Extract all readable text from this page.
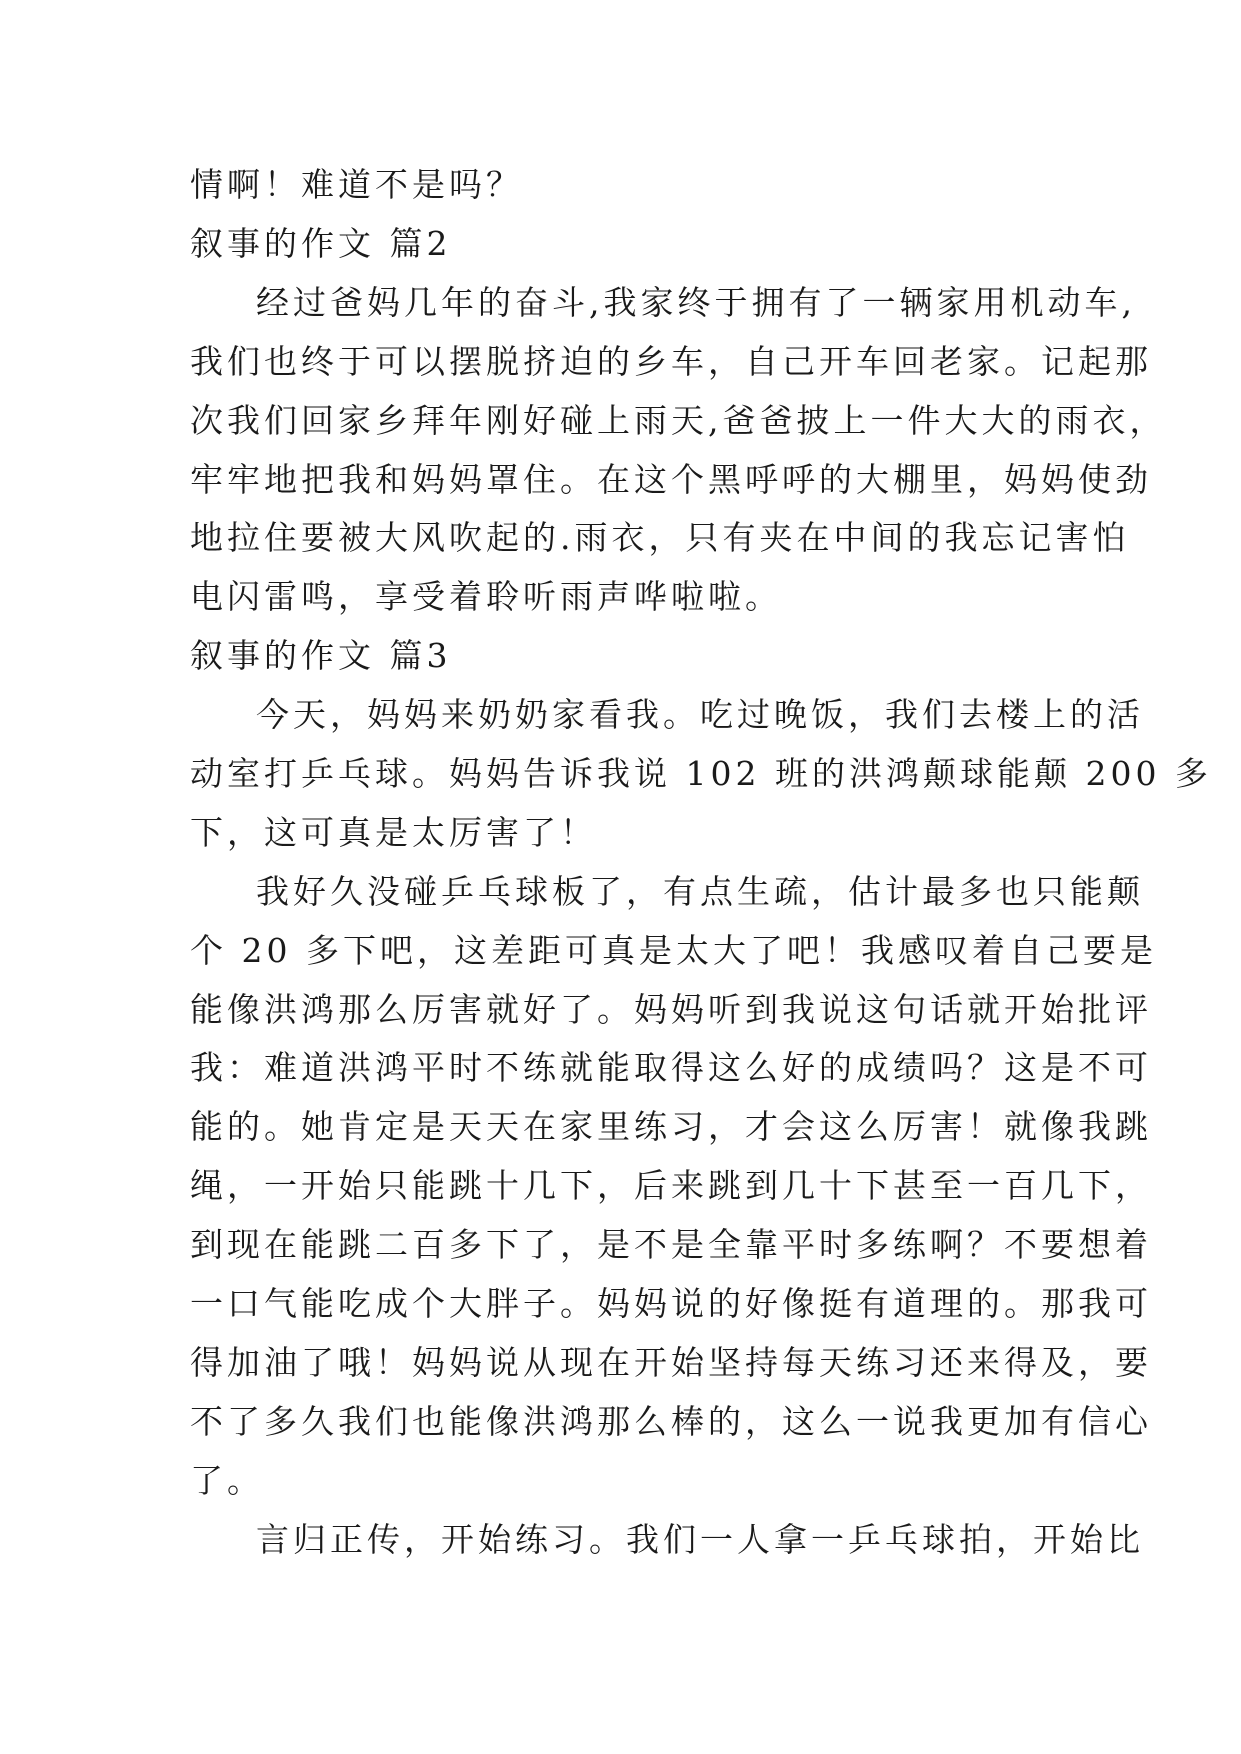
情啊！难道不是吗？
叙事的作文 篇2
经过爸妈几年的奋斗,我家终于拥有了一辆家用机动车,
我们也终于可以摆脱挤迫的乡车，自己开车回老家。记起那
次我们回家乡拜年刚好碰上雨天,爸爸披上一件大大的雨衣，
牢牢地把我和妈妈罩住。在这个黑呼呼的大棚里，妈妈使劲
地拉住要被大风吹起的.雨衣，只有夹在中间的我忘记害怕
电闪雷鸣，享受着聆听雨声哗啦啦。
叙事的作文 篇3
今天，妈妈来奶奶家看我。吃过晚饭，我们去楼上的活
动室打乒乓球。妈妈告诉我说 102 班的洪鸿颠球能颠 200 多
下，这可真是太厉害了！
我好久没碰乒乓球板了，有点生疏，估计最多也只能颠
个 20 多下吧，这差距可真是太大了吧！我感叹着自己要是
能像洪鸿那么厉害就好了。妈妈听到我说这句话就开始批评
我：难道洪鸿平时不练就能取得这么好的成绩吗？这是不可
能的。她肯定是天天在家里练习，才会这么厉害！就像我跳
绳，一开始只能跳十几下，后来跳到几十下甚至一百几下，
到现在能跳二百多下了，是不是全靠平时多练啊？不要想着
一口气能吃成个大胖子。妈妈说的好像挺有道理的。那我可
得加油了哦！妈妈说从现在开始坚持每天练习还来得及，要
不了多久我们也能像洪鸿那么棒的，这么一说我更加有信心
了。
言归正传，开始练习。我们一人拿一乒乓球拍，开始比
